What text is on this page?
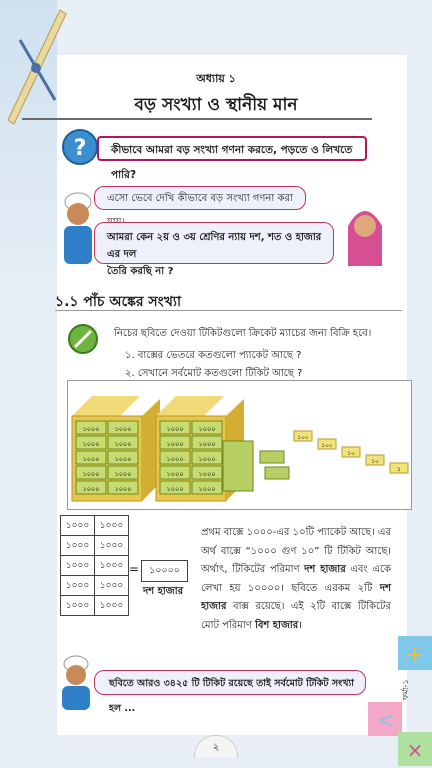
অধ্যায় ১
বড় সংখ্যা ও স্থানীয় মান
?	কীভাবে আমরা বড় সংখ্যা গণনা করতে, পড়তে ও লিখতে পারি?
এসো ভেবে দেখি কীভাবে বড় সংখ্যা গণনা করা
আমরা কেন ২য় ও ৩য় শ্রেণির ন্যায় দশ, শত ও হাজার এর দল
তৈরি করছি না ?
১.১ পাঁচ অঙ্কের সংখ্যা
নিচের ছবিতে দেওয়া টিকিটগুলো ক্রিকেট ম্যাচের জন্য বিক্রি হবে।
১. বাক্সের ভেতরে কতগুলো প্যাকেট আছে ?
২. সেখানে সর্বমোট কতগুলো টিকিট আছে ?
১০০০ ১০০০
১০০০ ১০০০
১০০০ ১০০০
১০০০ ১০০০
১০০০ ১০০০
১০০০ ১০০০
১০০০ ১০০০
১০০০ ১০০০
১০০০ ১০০০
১০০০ ১০০০
১০০
১০০
১০
১০
১
১০০০	১০০০
১০০০	১০০০
১০০০	১০০০
১০০০	১০০০
১০০০	১০০০
=	১০০০০
দশ হাজার
প্রথম বাক্সে ১০০০-এর ১০টি প্যাকেট আছে। এর অর্থ বাক্সে “১০০০ গুণ ১০” টি টিকিট আছে। অর্থাৎ, টিকিটের পরিমাণ দশ হাজার এবং একে লেখা হয় ১০০০০। ছবিতে এরকম ২টি দশ হাজার বাক্স রয়েছে। এই ২টি বাক্সে টিকিটের মোট পরিমাণ বিশ হাজার।
ছবিতে আরও ৩৪২৫ টি টিকিট রয়েছে তাই সর্বমোট টিকিট সংখ্যা হল ...
+
<
×
ফর্মা-১
২
